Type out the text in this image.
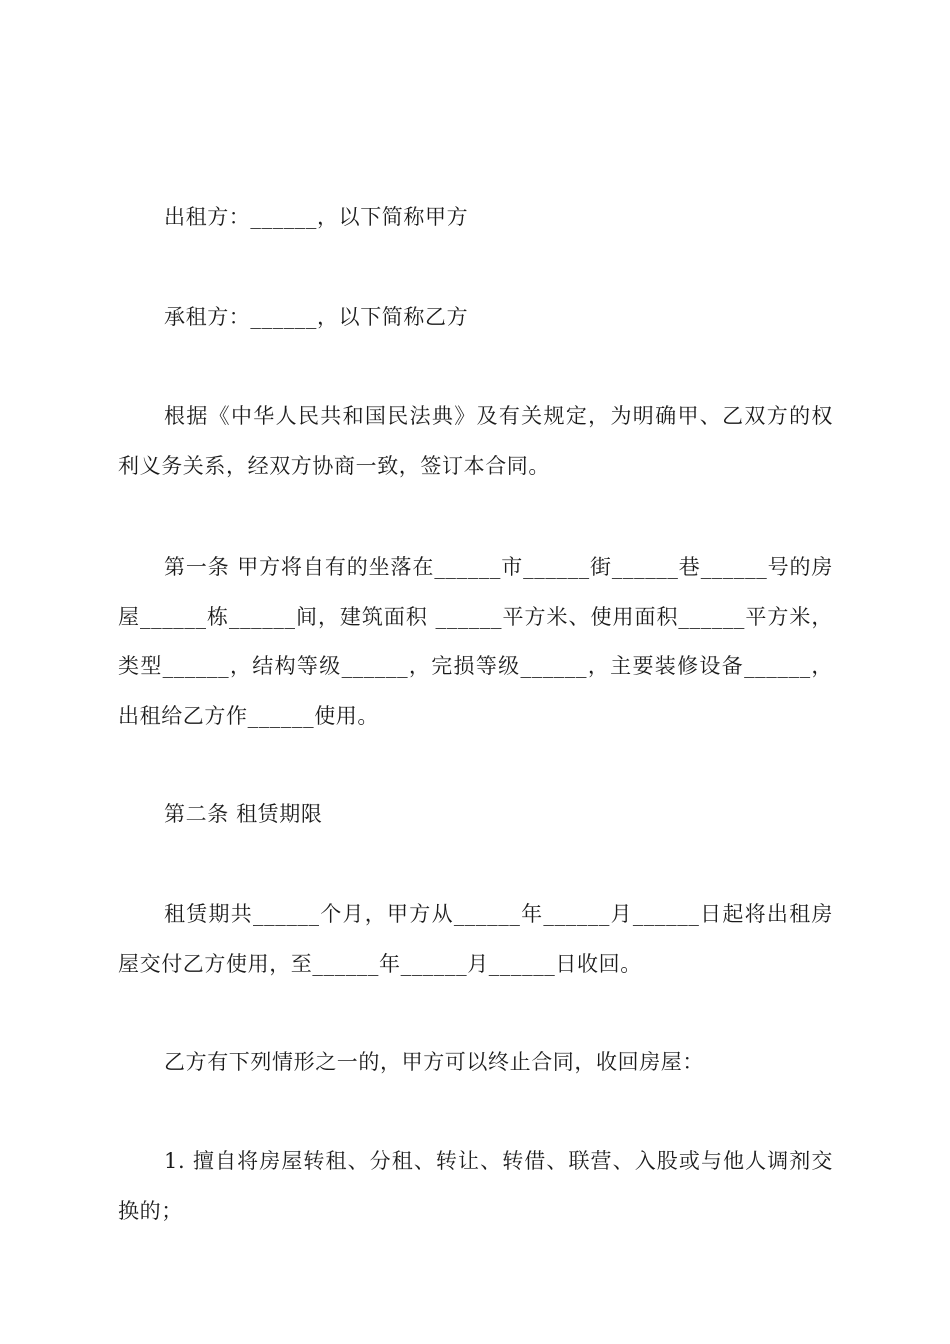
出租方：______，以下简称甲方

承租方：______，以下简称乙方

根据《中华人民共和国民法典》及有关规定，为明确甲、乙双方的权利义务关系，经双方协商一致，签订本合同。

第一条 甲方将自有的坐落在______市______街______巷______号的房屋______栋______间，建筑面积 ______平方米、使用面积______平方米，类型______，结构等级______，完损等级______，主要装修设备______，出租给乙方作______使用。

第二条 租赁期限

租赁期共______个月，甲方从______年______月______日起将出租房屋交付乙方使用，至______年______月______日收回。

乙方有下列情形之一的，甲方可以终止合同，收回房屋：

1. 擅自将房屋转租、分租、转让、转借、联营、入股或与他人调剂交换的；
